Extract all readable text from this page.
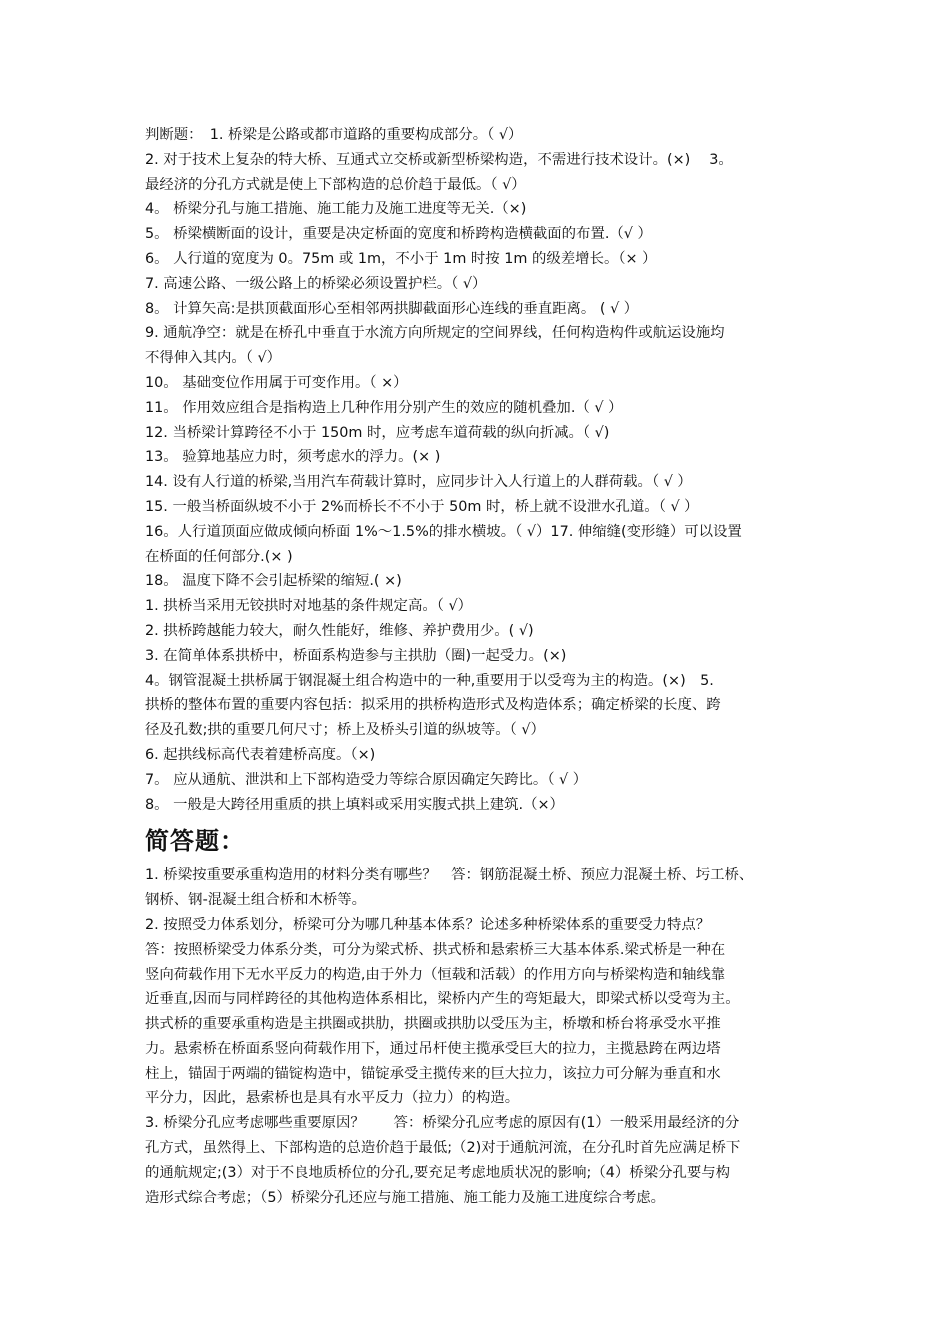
判断题：　1. 桥梁是公路或都市道路的重要构成部分。（ √）
2. 对于技术上复杂的特大桥、互通式立交桥或新型桥梁构造，不需进行技术设计。(×)　 3。
最经济的分孔方式就是使上下部构造的总价趋于最低。（ √）
4。 桥梁分孔与施工措施、施工能力及施工进度等无关.（×)
5。 桥梁横断面的设计，重要是决定桥面的宽度和桥跨构造横截面的布置.（√ ）
6。 人行道的宽度为 0。75m 或 1m，不小于 1m 时按 1m 的级差增长。（× ）
7. 高速公路、一级公路上的桥梁必须设置护栏。（ √）
8。 计算矢高:是拱顶截面形心至相邻两拱脚截面形心连线的垂直距离。 ( √ ）
9. 通航净空：就是在桥孔中垂直于水流方向所规定的空间界线，任何构造构件或航运设施均
不得伸入其内。（ √）
10。 基础变位作用属于可变作用。（ ×）
11。 作用效应组合是指构造上几种作用分别产生的效应的随机叠加.（ √ ）
12. 当桥梁计算跨径不小于 150m 时，应考虑车道荷载的纵向折减。（ √)
13。 验算地基应力时，须考虑水的浮力。(× )
14. 设有人行道的桥梁,当用汽车荷载计算时，应同步计入人行道上的人群荷载。（ √ ）
15. 一般当桥面纵坡不小于 2%而桥长不不小于 50m 时，桥上就不设泄水孔道。（ √ ）
16。人行道顶面应做成倾向桥面 1%～1.5%的排水横坡。（ √）17. 伸缩缝(变形缝）可以设置
在桥面的任何部分.(× )
18。 温度下降不会引起桥梁的缩短.( ×)
1. 拱桥当采用无铰拱时对地基的条件规定高。（ √）
2. 拱桥跨越能力较大，耐久性能好，维修、养护费用少。( √)
3. 在简单体系拱桥中，桥面系构造参与主拱肋（圈)一起受力。(×)
4。钢管混凝土拱桥属于钢混凝土组合构造中的一种,重要用于以受弯为主的构造。(×)　5.
拱桥的整体布置的重要内容包括：拟采用的拱桥构造形式及构造体系；确定桥梁的长度、跨
径及孔数;拱的重要几何尺寸；桥上及桥头引道的纵坡等。（ √）
6. 起拱线标高代表着建桥高度。（×)
7。 应从通航、泄洪和上下部构造受力等综合原因确定矢跨比。（ √ ）
8。 一般是大跨径用重质的拱上填料或采用实腹式拱上建筑.（×）
简答题：
1. 桥梁按重要承重构造用的材料分类有哪些？　答：钢筋混凝土桥、预应力混凝土桥、圬工桥、
钢桥、钢-混凝土组合桥和木桥等。
2. 按照受力体系划分，桥梁可分为哪几种基本体系？论述多种桥梁体系的重要受力特点？
答：按照桥梁受力体系分类，可分为梁式桥、拱式桥和悬索桥三大基本体系.梁式桥是一种在
竖向荷载作用下无水平反力的构造,由于外力（恒载和活载）的作用方向与桥梁构造和轴线靠
近垂直,因而与同样跨径的其他构造体系相比，梁桥内产生的弯矩最大，即梁式桥以受弯为主。
拱式桥的重要承重构造是主拱圈或拱肋，拱圈或拱肋以受压为主，桥墩和桥台将承受水平推
力。悬索桥在桥面系竖向荷载作用下，通过吊杆使主揽承受巨大的拉力，主揽悬跨在两边塔
柱上，锚固于两端的锚锭构造中，锚锭承受主揽传来的巨大拉力，该拉力可分解为垂直和水
平分力，因此，悬索桥也是具有水平反力（拉力）的构造。
3. 桥梁分孔应考虑哪些重要原因？　　答：桥梁分孔应考虑的原因有(1）一般采用最经济的分
孔方式，虽然得上、下部构造的总造价趋于最低;（2)对于通航河流，在分孔时首先应满足桥下
的通航规定;(3）对于不良地质桥位的分孔,要充足考虑地质状况的影响;（4）桥梁分孔要与构
造形式综合考虑；（5）桥梁分孔还应与施工措施、施工能力及施工进度综合考虑。
